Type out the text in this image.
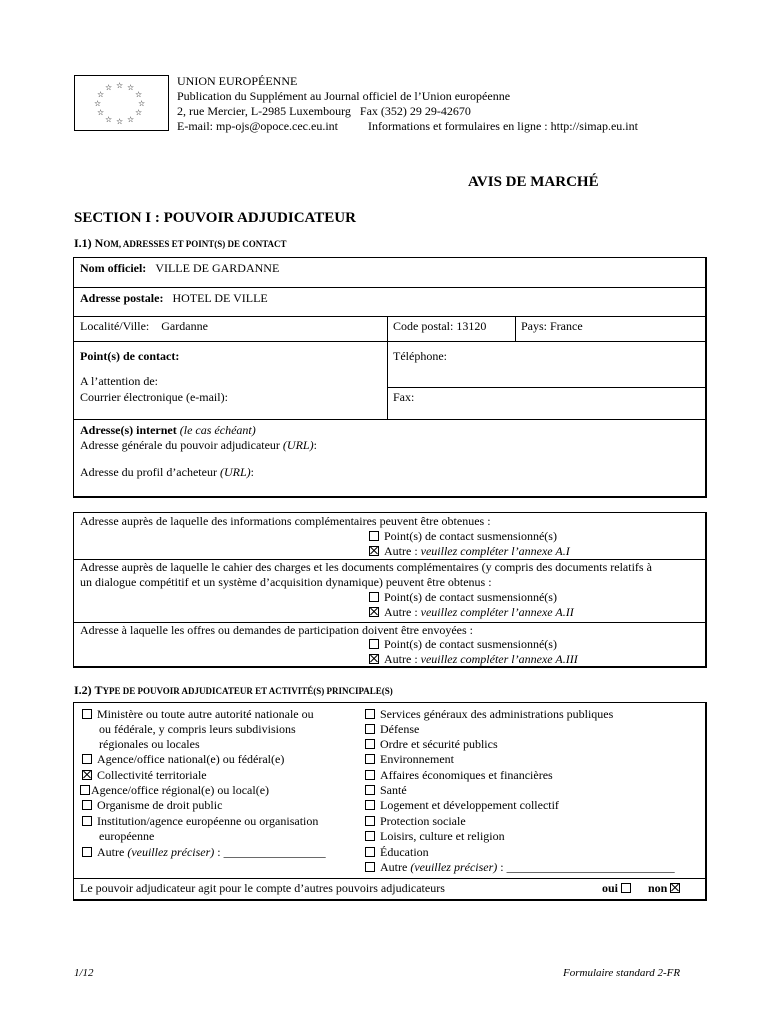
☆ ☆ ☆
☆
☆
☆
☆
☆
☆
☆
☆
☆
UNION EUROPÉENNE
Publication du Supplément au Journal officiel de l’Union européenne
2, rue Mercier, L-2985 Luxembourg Fax (352) 29 29-42670
E-mail: mp-ojs@opoce.cec.eu.int	Informations et formulaires en ligne : http://simap.eu.int
AVIS DE MARCHÉ
SECTION I : POUVOIR ADJUDICATEUR
I.1) NOM, ADRESSES ET POINT(S) DE CONTACT
Nom officiel: VILLE DE GARDANNE
Adresse postale: HOTEL DE VILLE
Localité/Ville: Gardanne	Code postal: 13120	Pays: France
Point(s) de contact:	Téléphone:
A l’attention de:
Courrier électronique (e-mail):	Fax:
Adresse(s) internet (le cas échéant)
Adresse générale du pouvoir adjudicateur (URL):
Adresse du profil d’acheteur (URL):
Adresse auprès de laquelle des informations complémentaires peuvent être obtenues :
Point(s) de contact susmensionné(s)
Autre : veuillez compléter l’annexe A.I
Adresse auprès de laquelle le cahier des charges et les documents complémentaires (y compris des documents relatifs à
un dialogue compétitif et un système d’acquisition dynamique) peuvent être obtenus :
Point(s) de contact susmensionné(s)
Autre : veuillez compléter l’annexe A.II
Adresse à laquelle les offres ou demandes de participation doivent être envoyées :
Point(s) de contact susmensionné(s)
Autre : veuillez compléter l’annexe A.III
I.2) TYPE DE POUVOIR ADJUDICATEUR ET ACTIVITÉ(S) PRINCIPALE(S)
Ministère ou toute autre autorité nationale ou
ou fédérale, y compris leurs subdivisions
régionales ou locales
Agence/office national(e) ou fédéral(e)
Collectivité territoriale
Agence/office régional(e) ou local(e)
Organisme de droit public
Institution/agence européenne ou organisation
européenne
Autre (veuillez préciser) : _________________
Services généraux des administrations publiques
Défense
Ordre et sécurité publics
Environnement
Affaires économiques et financières
Santé
Logement et développement collectif
Protection sociale
Loisirs, culture et religion
Éducation
Autre (veuillez préciser) : ____________________________
Le pouvoir adjudicateur agit pour le compte d’autres pouvoirs adjudicateurs	oui	non
1/12	Formulaire standard 2-FR
